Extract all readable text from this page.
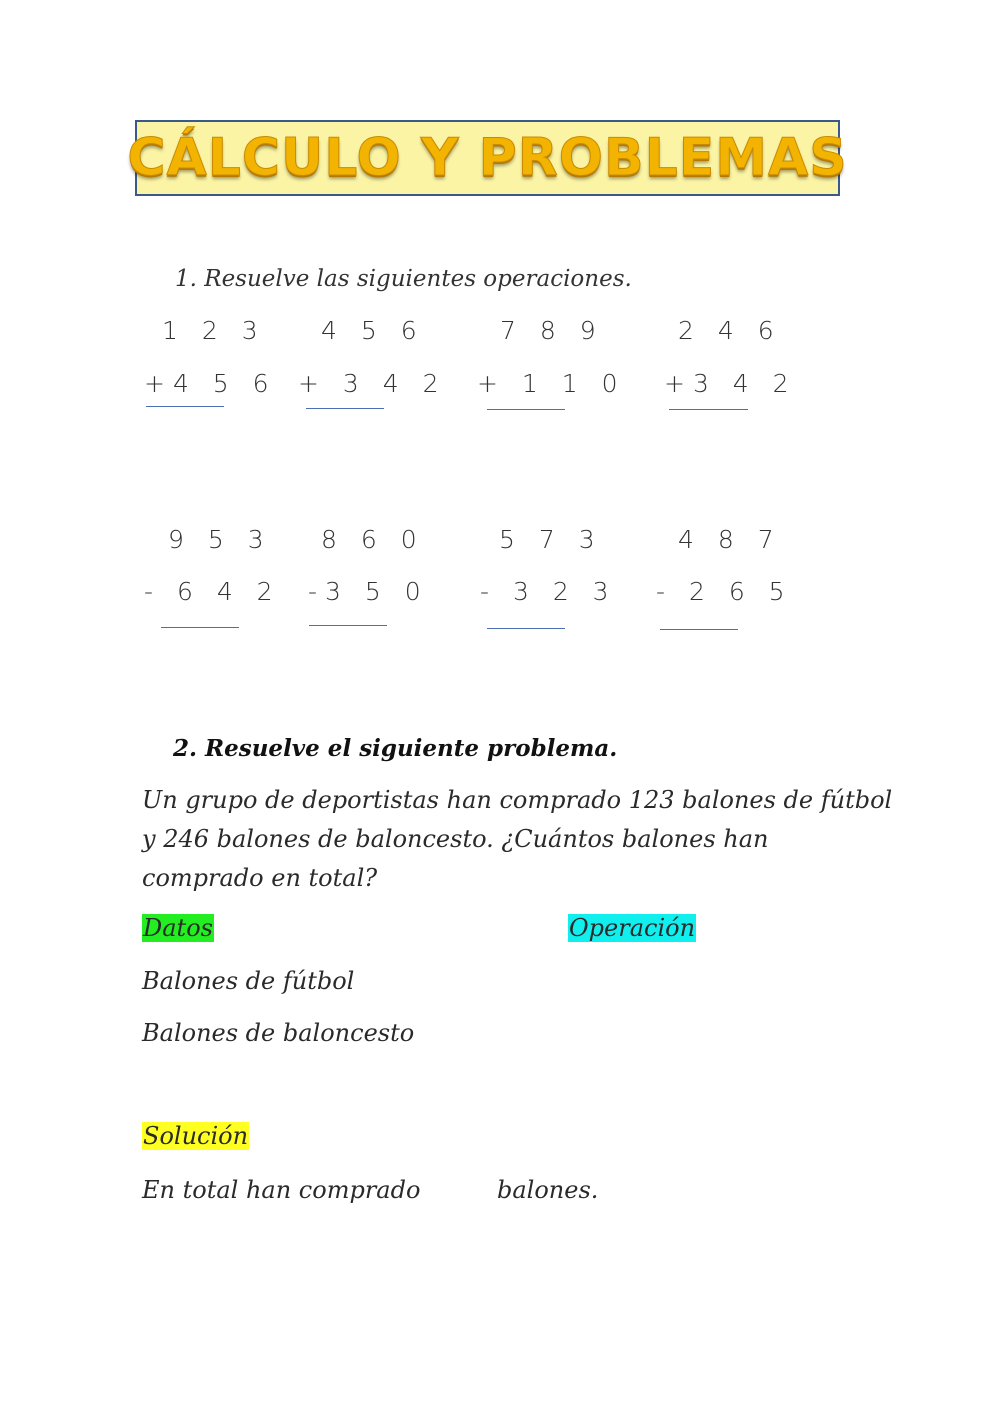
CÁLCULO Y PROBLEMAS
1. Resuelve las siguientes operaciones.
1 2 3
+4 5 6
4 5 6
+ 3 4 2
7 8 9
+ 1 1 0
2 4 6
+3 4 2
9 5 3
- 6 4 2
8 6 0
-3 5 0
5 7 3
- 3 2 3
4 8 7
- 2 6 5
2. Resuelve el siguiente problema.
Un grupo de deportistas han comprado 123 balones de fútbol
y 246 balones de baloncesto. ¿Cuántos balones han
comprado en total?
Datos	Operación
Balones de fútbol
Balones de baloncesto
Solución
En total han comprado	balones.
